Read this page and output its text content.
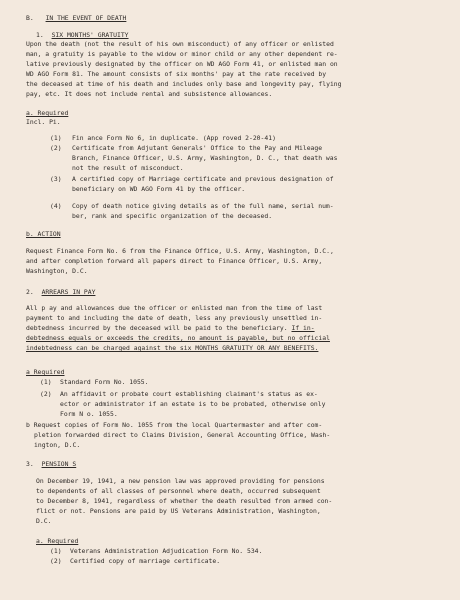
B. IN THE EVENT OF DEATH
1. SIX MONTHS' GRATUITY
Upon the death (not the result of his own misconduct) of any officer or enlisted
man, a gratuity is payable to the widow or minor child or any other dependent re-
lative previously designated by the officer on WD AGO Form 41, or enlisted man on
WD AGO Form 81. The amount consists of six months' pay at the rate received by
the deceased at time of his death and includes only base and longevity pay, flying
pay, etc. It does not include rental and subsistence allowances.
a. Required
Incl. Pi.
(1) Fin ance Form No 6, in duplicate. (App roved 2-20-41)
(2) Certificate from Adjutant Generals' Office to the Pay and Mileage
Branch, Finance Officer, U.S. Army, Washington, D. C., that death was
not the result of misconduct.
(3) A certified copy of Marriage certificate and previous designation of
beneficiary on WD AGO Form 41 by the officer.
(4) Copy of death notice giving details as of the full name, serial num-
ber, rank and specific organization of the deceased.
b. ACTION
Request Finance Form No. 6 from the Finance Office, U.S. Army, Washington, D.C.,
and after completion forward all papers direct to Finance Officer, U.S. Army,
Washington, D.C.
2. ARREARS IN PAY
All p ay and allowances due the officer or enlisted man from the time of last
payment to and including the date of death, less any previously unsettled in-
debtedness incurred by the deceased will be paid to the beneficiary. If in-
debtedness equals or exceeds the credits, no amount is payable, but no official
indebtedness can be charged against the six MONTHS GRATUITY OR ANY BENEFITS.
a Required
(1) Standard Form No. 1055.
(2) An affidavit or probate court establishing claimant's status as ex-
ector or administrator if an estate is to be probated, otherwise only
Form N o. 1055.
b Request copies of Form No. 1055 from the local Quartermaster and after com-
pletion forwarded direct to Claims Division, General Accounting Office, Wash-
ington, D.C.
3. PENSION S
On December 19, 1941, a new pension law was approved providing for pensions
to dependents of all classes of personnel where death, occurred subsequent
to December 8, 1941, regardless of whether the death resulted from armed con-
flict or not. Pensions are paid by US Veterans Administration, Washington,
D.C.
a. Required
(1) Veterans Administration Adjudication Form No. 534.
(2) Certified copy of marriage certificate.
